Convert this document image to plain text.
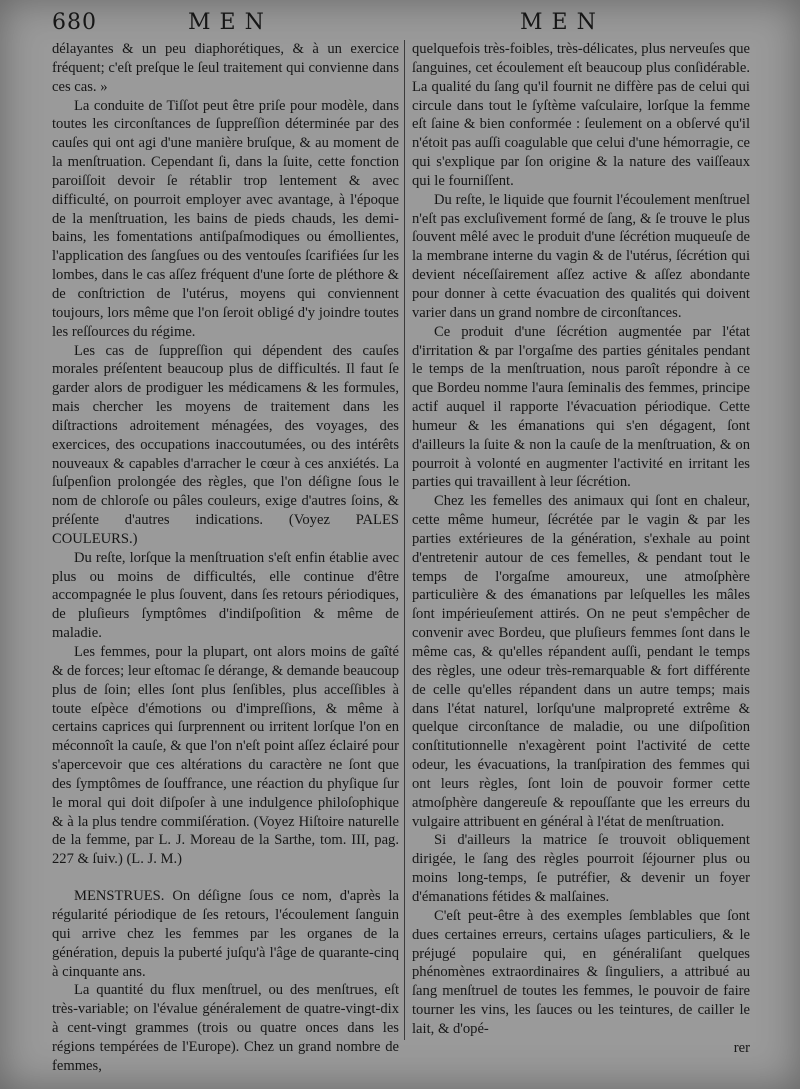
680	MEN	MEN

délayantes & un peu diaphorétiques, & à un exercice fréquent; c'eſt preſque le ſeul traitement qui convienne dans ces cas. »

La conduite de Tiſſot peut être priſe pour modèle, dans toutes les circonſtances de ſuppreſſion déterminée par des cauſes qui ont agi d'une manière bruſque, & au moment de la menſtruation. Cependant ſi, dans la ſuite, cette fonction paroiſſoit devoir ſe rétablir trop lentement & avec difficulté, on pourroit employer avec avantage, à l'époque de la menſtruation, les bains de pieds chauds, les demi-bains, les fomentations antiſpaſmodiques ou émollientes, l'application des ſangſues ou des ventouſes ſcarifiées ſur les lombes, dans le cas aſſez fréquent d'une ſorte de pléthore & de conſtriction de l'utérus, moyens qui conviennent toujours, lors même que l'on ſeroit obligé d'y joindre toutes les reſſources du régime.

Les cas de ſuppreſſion qui dépendent des cauſes morales préſentent beaucoup plus de difficultés. Il faut ſe garder alors de prodiguer les médicamens & les formules, mais chercher les moyens de traitement dans les diſtractions adroitement ménagées, des voyages, des exercices, des occupations inaccoutumées, ou des intérêts nouveaux & capables d'arracher le cœur à ces anxiétés. La ſuſpenſion prolongée des règles, que l'on déſigne ſous le nom de chloroſe ou pâles couleurs, exige d'autres ſoins, & préſente d'autres indications. (Voyez PALES COULEURS.)

Du reſte, lorſque la menſtruation s'eſt enfin établie avec plus ou moins de difficultés, elle continue d'être accompagnée le plus ſouvent, dans ſes retours périodiques, de pluſieurs ſymptômes d'indiſpoſition & même de maladie.

Les femmes, pour la plupart, ont alors moins de gaîté & de forces; leur eſtomac ſe dérange, & demande beaucoup plus de ſoin; elles ſont plus ſenſibles, plus acceſſibles à toute eſpèce d'émotions ou d'impreſſions, & même à certains caprices qui ſurprennent ou irritent lorſque l'on en méconnoît la cauſe, & que l'on n'eſt point aſſez éclairé pour s'apercevoir que ces altérations du caractère ne ſont que des ſymptômes de ſouffrance, une réaction du phyſique ſur le moral qui doit diſpoſer à une indulgence philoſophique & à la plus tendre commiſération. (Voyez Hiſtoire naturelle de la femme, par L. J. Moreau de la Sarthe, tom. III, pag. 227 & ſuiv.) (L. J. M.)

MENSTRUES. On déſigne ſous ce nom, d'après la régularité périodique de ſes retours, l'écoulement ſanguin qui arrive chez les femmes par les organes de la génération, depuis la puberté juſqu'à l'âge de quarante-cinq à cinquante ans.

La quantité du flux menſtruel, ou des menſtrues, eſt très-variable; on l'évalue généralement de quatre-vingt-dix à cent-vingt grammes (trois ou quatre onces dans les régions tempérées de l'Europe). Chez un grand nombre de femmes,

quelquefois très-foibles, très-délicates, plus nerveuſes que ſanguines, cet écoulement eſt beaucoup plus conſidérable. La qualité du ſang qu'il fournit ne diffère pas de celui qui circule dans tout le ſyſtème vaſculaire, lorſque la femme eſt ſaine & bien conformée : ſeulement on a obſervé qu'il n'étoit pas auſſi coagulable que celui d'une hémorragie, ce qui s'explique par ſon origine & la nature des vaiſſeaux qui le fourniſſent.

Du reſte, le liquide que fournit l'écoulement menſtruel n'eſt pas excluſivement formé de ſang, & ſe trouve le plus ſouvent mêlé avec le produit d'une ſécrétion muqueuſe de la membrane interne du vagin & de l'utérus, ſécrétion qui devient néceſſairement aſſez active & aſſez abondante pour donner à cette évacuation des qualités qui doivent varier dans un grand nombre de circonſtances.

Ce produit d'une ſécrétion augmentée par l'état d'irritation & par l'orgaſme des parties génitales pendant le temps de la menſtruation, nous paroît répondre à ce que Bordeu nomme l'aura ſeminalis des femmes, principe actif auquel il rapporte l'évacuation périodique. Cette humeur & les émanations qui s'en dégagent, ſont d'ailleurs la ſuite & non la cauſe de la menſtruation, & on pourroit à volonté en augmenter l'activité en irritant les parties qui travaillent à leur ſécrétion.

Chez les femelles des animaux qui ſont en chaleur, cette même humeur, ſécrétée par le vagin & par les parties extérieures de la génération, s'exhale au point d'entretenir autour de ces femelles, & pendant tout le temps de l'orgaſme amoureux, une atmoſphère particulière & des émanations par leſquelles les mâles ſont impérieuſement attirés. On ne peut s'empêcher de convenir avec Bordeu, que pluſieurs femmes ſont dans le même cas, & qu'elles répandent auſſi, pendant le temps des règles, une odeur très-remarquable & fort différente de celle qu'elles répandent dans un autre temps; mais dans l'état naturel, lorſqu'une malpropreté extrême & quelque circonſtance de maladie, ou une diſpoſition conſtitutionnelle n'exagèrent point l'activité de cette odeur, les évacuations, la tranſpiration des femmes qui ont leurs règles, ſont loin de pouvoir former cette atmoſphère dangereuſe & repouſſante que les erreurs du vulgaire attribuent en général à l'état de menſtruation.

Si d'ailleurs la matrice ſe trouvoit obliquement dirigée, le ſang des règles pourroit ſéjourner plus ou moins long-temps, ſe putréfier, & devenir un foyer d'émanations fétides & malſaines.

C'eſt peut-être à des exemples ſemblables que ſont dues certaines erreurs, certains uſages particuliers, & le préjugé populaire qui, en généraliſant quelques phénomènes extraordinaires & ſinguliers, a attribué au ſang menſtruel de toutes les femmes, le pouvoir de faire tourner les vins, les ſauces ou les teintures, de cailler le lait, & d'opé-

rer
